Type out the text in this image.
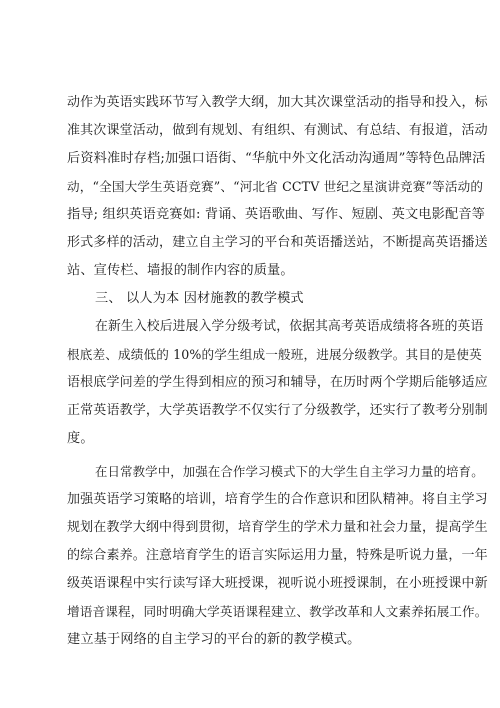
动作为英语实践环节写入教学大纲，加大其次课堂活动的指导和投入，标
准其次课堂活动，做到有规划、有组织、有测试、有总结、有报道，活动
后资料准时存档;加强口语街、“华航中外文化活动沟通周”等特色品牌活
动，“全国大学生英语竞赛”、“河北省 CCTV 世纪之星演讲竞赛”等活动的
指导; 组织英语竞赛如: 背诵、英语歌曲、写作、短剧、英文电影配音等
形式多样的活动，建立自主学习的平台和英语播送站，不断提高英语播送
站、宣传栏、墙报的制作内容的质量。
三、 以人为本 因材施教的教学模式
在新生入校后进展入学分级考试，依据其高考英语成绩将各班的英语
根底差、成绩低的 10%的学生组成一般班，进展分级教学。其目的是使英
语根底学问差的学生得到相应的预习和辅导，在历时两个学期后能够适应
正常英语教学，大学英语教学不仅实行了分级教学，还实行了教考分别制
度。
在日常教学中，加强在合作学习模式下的大学生自主学习力量的培育。
加强英语学习策略的培训，培育学生的合作意识和团队精神。将自主学习
规划在教学大纲中得到贯彻，培育学生的学术力量和社会力量，提高学生
的综合素养。注意培育学生的语言实际运用力量，特殊是听说力量，一年
级英语课程中实行读写译大班授课，视听说小班授课制，在小班授课中新
增语音课程，同时明确大学英语课程建立、教学改革和人文素养拓展工作。
建立基于网络的自主学习的平台的新的教学模式。
